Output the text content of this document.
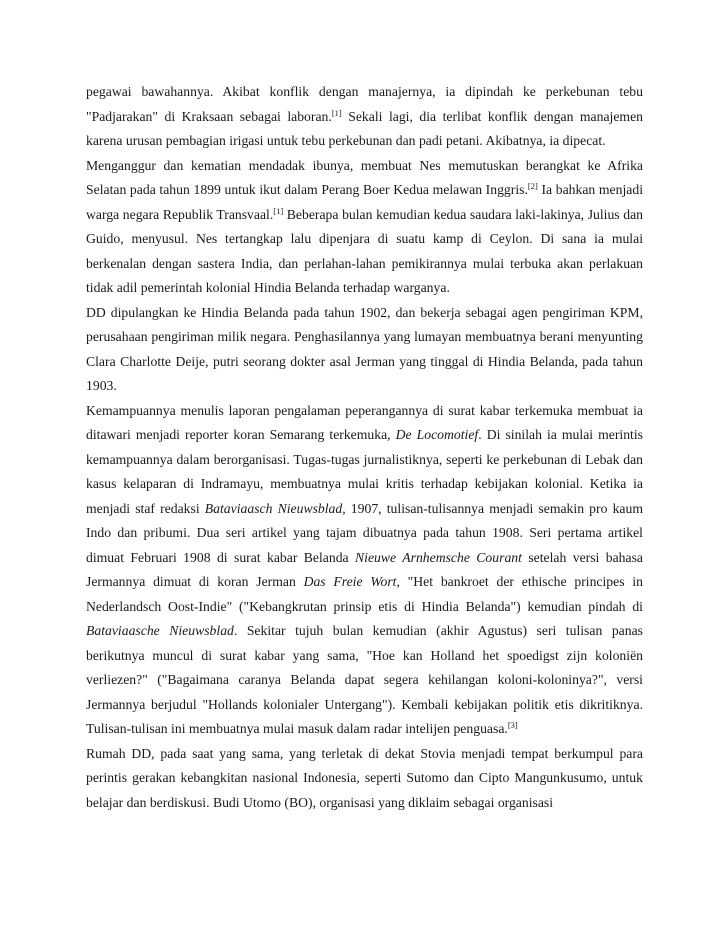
pegawai bawahannya. Akibat konflik dengan manajernya, ia dipindah ke perkebunan tebu "Padjarakan" di Kraksaan sebagai laboran.[1] Sekali lagi, dia terlibat konflik dengan manajemen karena urusan pembagian irigasi untuk tebu perkebunan dan padi petani. Akibatnya, ia dipecat.

Menganggur dan kematian mendadak ibunya, membuat Nes memutuskan berangkat ke Afrika Selatan pada tahun 1899 untuk ikut dalam Perang Boer Kedua melawan Inggris.[2] Ia bahkan menjadi warga negara Republik Transvaal.[1] Beberapa bulan kemudian kedua saudara laki-lakinya, Julius dan Guido, menyusul. Nes tertangkap lalu dipenjara di suatu kamp di Ceylon. Di sana ia mulai berkenalan dengan sastera India, dan perlahan-lahan pemikirannya mulai terbuka akan perlakuan tidak adil pemerintah kolonial Hindia Belanda terhadap warganya.

DD dipulangkan ke Hindia Belanda pada tahun 1902, dan bekerja sebagai agen pengiriman KPM, perusahaan pengiriman milik negara. Penghasilannya yang lumayan membuatnya berani menyunting Clara Charlotte Deije, putri seorang dokter asal Jerman yang tinggal di Hindia Belanda, pada tahun 1903.

Kemampuannya menulis laporan pengalaman peperangannya di surat kabar terkemuka membuat ia ditawari menjadi reporter koran Semarang terkemuka, De Locomotief. Di sinilah ia mulai merintis kemampuannya dalam berorganisasi. Tugas-tugas jurnalistiknya, seperti ke perkebunan di Lebak dan kasus kelaparan di Indramayu, membuatnya mulai kritis terhadap kebijakan kolonial. Ketika ia menjadi staf redaksi Bataviaasch Nieuwsblad, 1907, tulisan-tulisannya menjadi semakin pro kaum Indo dan pribumi. Dua seri artikel yang tajam dibuatnya pada tahun 1908. Seri pertama artikel dimuat Februari 1908 di surat kabar Belanda Nieuwe Arnhemsche Courant setelah versi bahasa Jermannya dimuat di koran Jerman Das Freie Wort, "Het bankroet der ethische principes in Nederlandsch Oost-Indie" ("Kebangkrutan prinsip etis di Hindia Belanda") kemudian pindah di Bataviaasche Nieuwsblad. Sekitar tujuh bulan kemudian (akhir Agustus) seri tulisan panas berikutnya muncul di surat kabar yang sama, "Hoe kan Holland het spoedigst zijn koloniën verliezen?" ("Bagaimana caranya Belanda dapat segera kehilangan koloni-koloninya?", versi Jermannya berjudul "Hollands kolonialer Untergang"). Kembali kebijakan politik etis dikritiknya. Tulisan-tulisan ini membuatnya mulai masuk dalam radar intelijen penguasa.[3]

Rumah DD, pada saat yang sama, yang terletak di dekat Stovia menjadi tempat berkumpul para perintis gerakan kebangkitan nasional Indonesia, seperti Sutomo dan Cipto Mangunkusumo, untuk belajar dan berdiskusi. Budi Utomo (BO), organisasi yang diklaim sebagai organisasi
